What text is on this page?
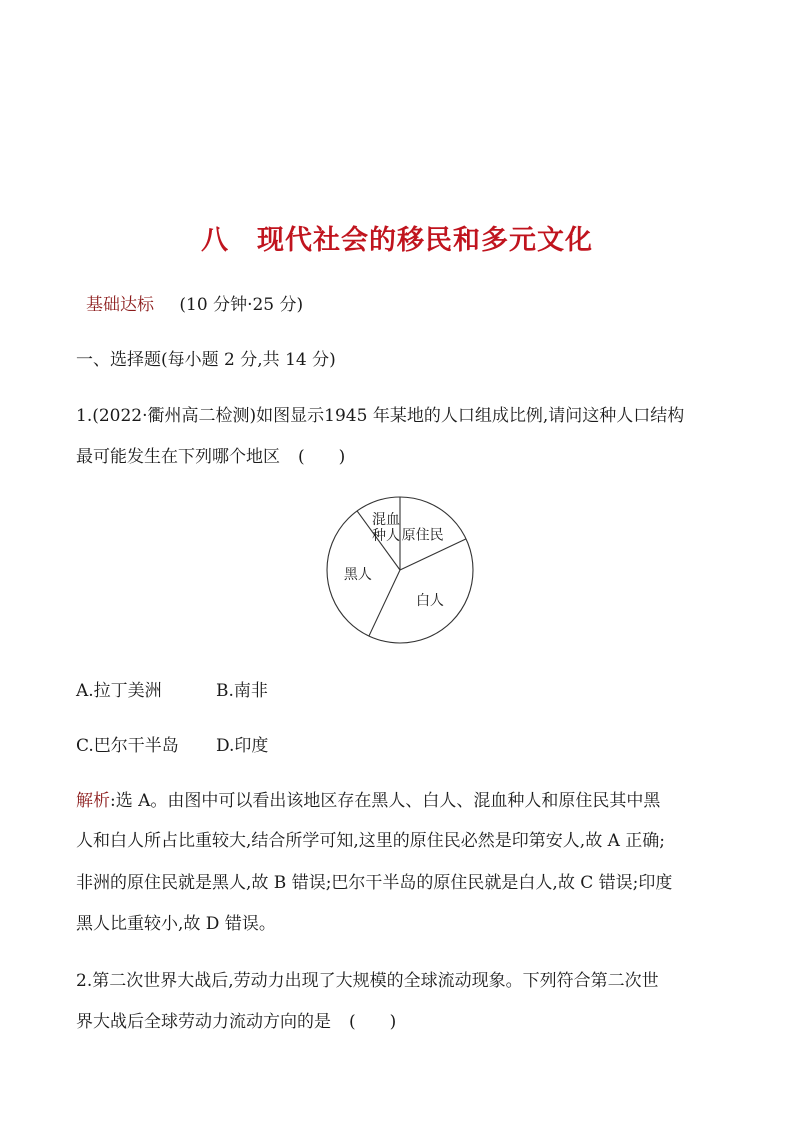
八 现代社会的移民和多元文化
基础达标 (10 分钟·25 分)
一、选择题(每小题 2 分,共 14 分)
1.(2022·衢州高二检测)如图显示1945 年某地的人口组成比例,请问这种人口结构
最可能发生在下列哪个地区 (　　)
原住民
白人
黑人
混血种人
A.拉丁美洲	B.南非
C.巴尔干半岛 D.印度
解析:选 A。由图中可以看出该地区存在黑人、白人、混血种人和原住民其中黑
人和白人所占比重较大,结合所学可知,这里的原住民必然是印第安人,故 A 正确;
非洲的原住民就是黑人,故 B 错误;巴尔干半岛的原住民就是白人,故 C 错误;印度
黑人比重较小,故 D 错误。
2.第二次世界大战后,劳动力出现了大规模的全球流动现象。下列符合第二次世
界大战后全球劳动力流动方向的是 (　　)
